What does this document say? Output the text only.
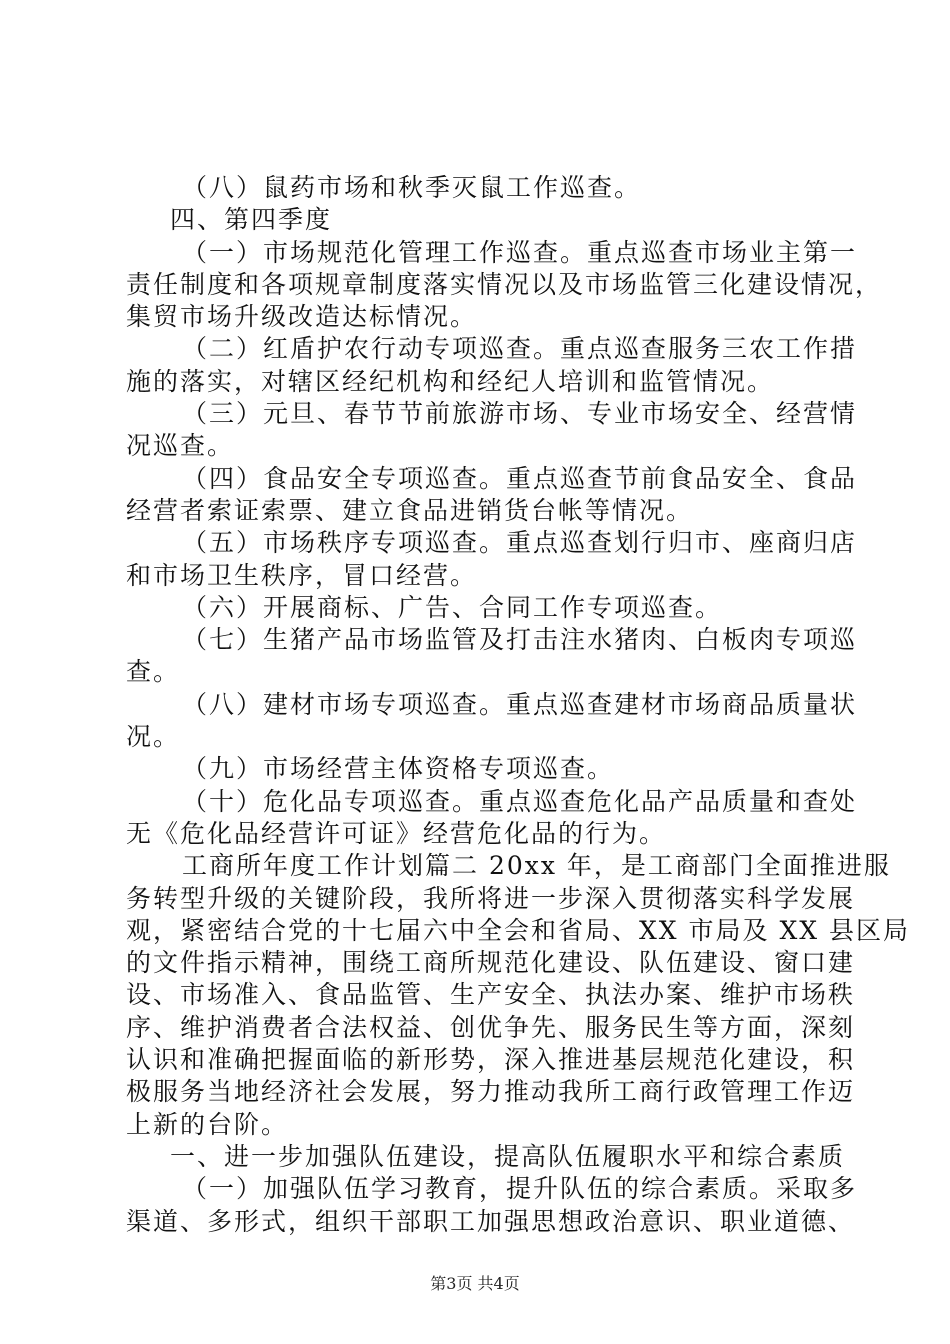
（八）鼠药市场和秋季灭鼠工作巡查。
四、第四季度
（一）市场规范化管理工作巡查。重点巡查市场业主第一
责任制度和各项规章制度落实情况以及市场监管三化建设情况，
集贸市场升级改造达标情况。
（二）红盾护农行动专项巡查。重点巡查服务三农工作措
施的落实，对辖区经纪机构和经纪人培训和监管情况。
（三）元旦、春节节前旅游市场、专业市场安全、经营情
况巡查。
（四）食品安全专项巡查。重点巡查节前食品安全、食品
经营者索证索票、建立食品进销货台帐等情况。
（五）市场秩序专项巡查。重点巡查划行归市、座商归店
和市场卫生秩序，冒口经营。
（六）开展商标、广告、合同工作专项巡查。
（七）生猪产品市场监管及打击注水猪肉、白板肉专项巡
查。
（八）建材市场专项巡查。重点巡查建材市场商品质量状
况。
（九）市场经营主体资格专项巡查。
（十）危化品专项巡查。重点巡查危化品产品质量和查处
无《危化品经营许可证》经营危化品的行为。
工商所年度工作计划篇二 20xx 年，是工商部门全面推进服
务转型升级的关键阶段，我所将进一步深入贯彻落实科学发展
观，紧密结合党的十七届六中全会和省局、XX 市局及 XX 县区局
的文件指示精神，围绕工商所规范化建设、队伍建设、窗口建
设、市场准入、食品监管、生产安全、执法办案、维护市场秩
序、维护消费者合法权益、创优争先、服务民生等方面，深刻
认识和准确把握面临的新形势，深入推进基层规范化建设，积
极服务当地经济社会发展，努力推动我所工商行政管理工作迈
上新的台阶。
一、进一步加强队伍建设，提高队伍履职水平和综合素质
（一）加强队伍学习教育，提升队伍的综合素质。采取多
渠道、多形式，组织干部职工加强思想政治意识、职业道德、
第3页 共4页
